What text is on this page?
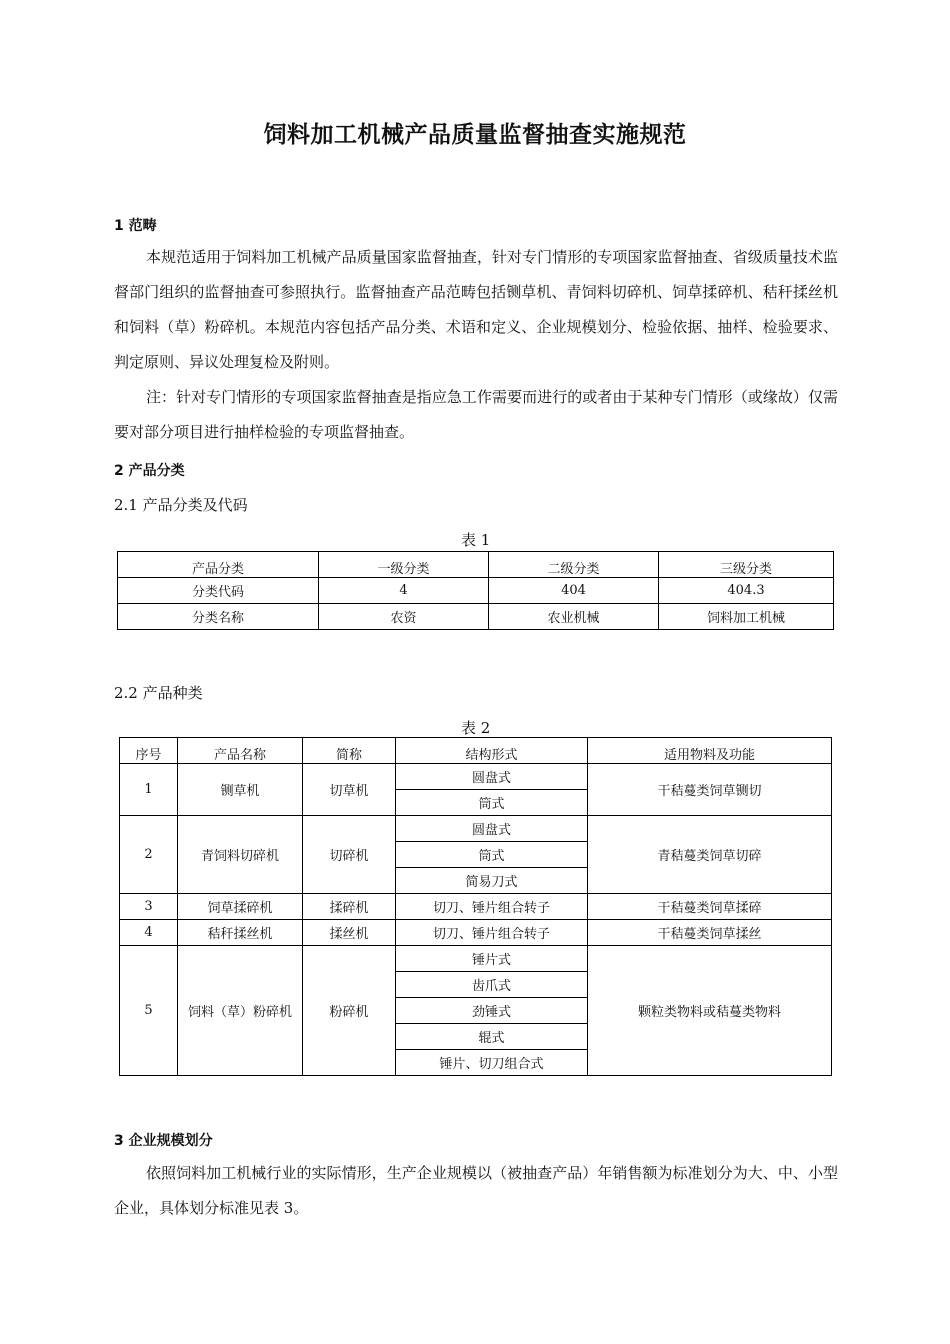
饲料加工机械产品质量监督抽查实施规范
1 范畴

本规范适用于饲料加工机械产品质量国家监督抽查，针对专门情形的专项国家监督抽查、省级质量技术监督部门组织的监督抽查可参照执行。监督抽查产品范畴包括铡草机、青饲料切碎机、饲草揉碎机、秸秆揉丝机和饲料（草）粉碎机。本规范内容包括产品分类、术语和定义、企业规模划分、检验依据、抽样、检验要求、判定原则、异议处理复检及附则。

注：针对专门情形的专项国家监督抽查是指应急工作需要而进行的或者由于某种专门情形（或缘故）仅需要对部分项目进行抽样检验的专项监督抽查。

2 产品分类
2.1 产品分类及代码
表 1
产品分类	一级分类	二级分类	三级分类
分类代码	4	404	404.3
分类名称	农资	农业机械	饲料加工机械
2.2 产品种类
表 2
序号	产品名称	简称	结构形式	适用物料及功能
1	铡草机	切草机	圆盘式	干秸蔓类饲草铡切
			筒式	
2	青饲料切碎机	切碎机	圆盘式	青秸蔓类饲草切碎
			筒式	
			简易刀式	
3	饲草揉碎机	揉碎机	切刀、锤片组合转子	干秸蔓类饲草揉碎
4	秸秆揉丝机	揉丝机	切刀、锤片组合转子	干秸蔓类饲草揉丝
5	饲料（草）粉碎机	粉碎机	锤片式	颗粒类物料或秸蔓类物料
			齿爪式	
			劲锤式	
			辊式	
			锤片、切刀组合式	
3 企业规模划分

依照饲料加工机械行业的实际情形，生产企业规模以（被抽查产品）年销售额为标准划分为大、中、小型企业，具体划分标准见表 3。
